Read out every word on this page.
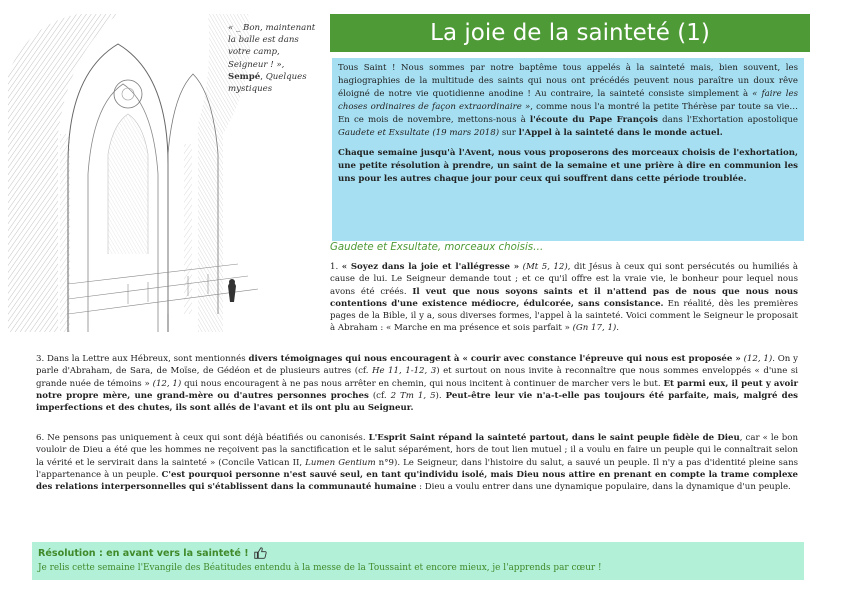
« _ Bon, maintenant la balle est dans votre camp, Seigneur ! », Sempé, Quelques mystiques
La joie de la sainteté (1)

Tous Saint ! Nous sommes par notre baptême tous appelés à la sainteté mais, bien souvent, les hagiographies de la multitude des saints qui nous ont précédés peuvent nous paraître un doux rêve éloigné de notre vie quotidienne anodine ! Au contraire, la sainteté consiste simplement à « faire les choses ordinaires de façon extraordinaire », comme nous l'a montré la petite Thérèse par toute sa vie… En ce mois de novembre, mettons-nous à l'écoute du Pape François dans l'Exhortation apostolique Gaudete et Exsultate (19 mars 2018) sur l'Appel à la sainteté dans le monde actuel.

Chaque semaine jusqu'à l'Avent, nous vous proposerons des morceaux choisis de l'exhortation, une petite résolution à prendre, un saint de la semaine et une prière à dire en communion les uns pour les autres chaque jour pour ceux qui souffrent dans cette période troublée.

Gaudete et Exsultate, morceaux choisis…

1. « Soyez dans la joie et l'allégresse » (Mt 5, 12), dit Jésus à ceux qui sont persécutés ou humiliés à cause de lui. Le Seigneur demande tout ; et ce qu'il offre est la vraie vie, le bonheur pour lequel nous avons été créés. Il veut que nous soyons saints et il n'attend pas de nous que nous nous contentions d'une existence médiocre, édulcorée, sans consistance. En réalité, dès les premières pages de la Bible, il y a, sous diverses formes, l'appel à la sainteté. Voici comment le Seigneur le proposait à Abraham : « Marche en ma présence et sois parfait » (Gn 17, 1).

3. Dans la Lettre aux Hébreux, sont mentionnés divers témoignages qui nous encouragent à « courir avec constance l'épreuve qui nous est proposée » (12, 1). On y parle d'Abraham, de Sara, de Moïse, de Gédéon et de plusieurs autres (cf. He 11, 1-12, 3) et surtout on nous invite à reconnaître que nous sommes enveloppés « d'une si grande nuée de témoins » (12, 1) qui nous encouragent à ne pas nous arrêter en chemin, qui nous incitent à continuer de marcher vers le but. Et parmi eux, il peut y avoir notre propre mère, une grand-mère ou d'autres personnes proches (cf. 2 Tm 1, 5). Peut-être leur vie n'a-t-elle pas toujours été parfaite, mais, malgré des imperfections et des chutes, ils sont allés de l'avant et ils ont plu au Seigneur.

6. Ne pensons pas uniquement à ceux qui sont déjà béatifiés ou canonisés. L'Esprit Saint répand la sainteté partout, dans le saint peuple fidèle de Dieu, car « le bon vouloir de Dieu a été que les hommes ne reçoivent pas la sanctification et le salut séparément, hors de tout lien mutuel ; il a voulu en faire un peuple qui le connaîtrait selon la vérité et le servirait dans la sainteté » (Concile Vatican II, Lumen Gentium n°9). Le Seigneur, dans l'histoire du salut, a sauvé un peuple. Il n'y a pas d'identité pleine sans l'appartenance à un peuple. C'est pourquoi personne n'est sauvé seul, en tant qu'individu isolé, mais Dieu nous attire en prenant en compte la trame complexe des relations interpersonnelles qui s'établissent dans la communauté humaine : Dieu a voulu entrer dans une dynamique populaire, dans la dynamique d'un peuple.

Résolution : en avant vers la sainteté !
Je relis cette semaine l'Evangile des Béatitudes entendu à la messe de la Toussaint et encore mieux, je l'apprends par cœur !
